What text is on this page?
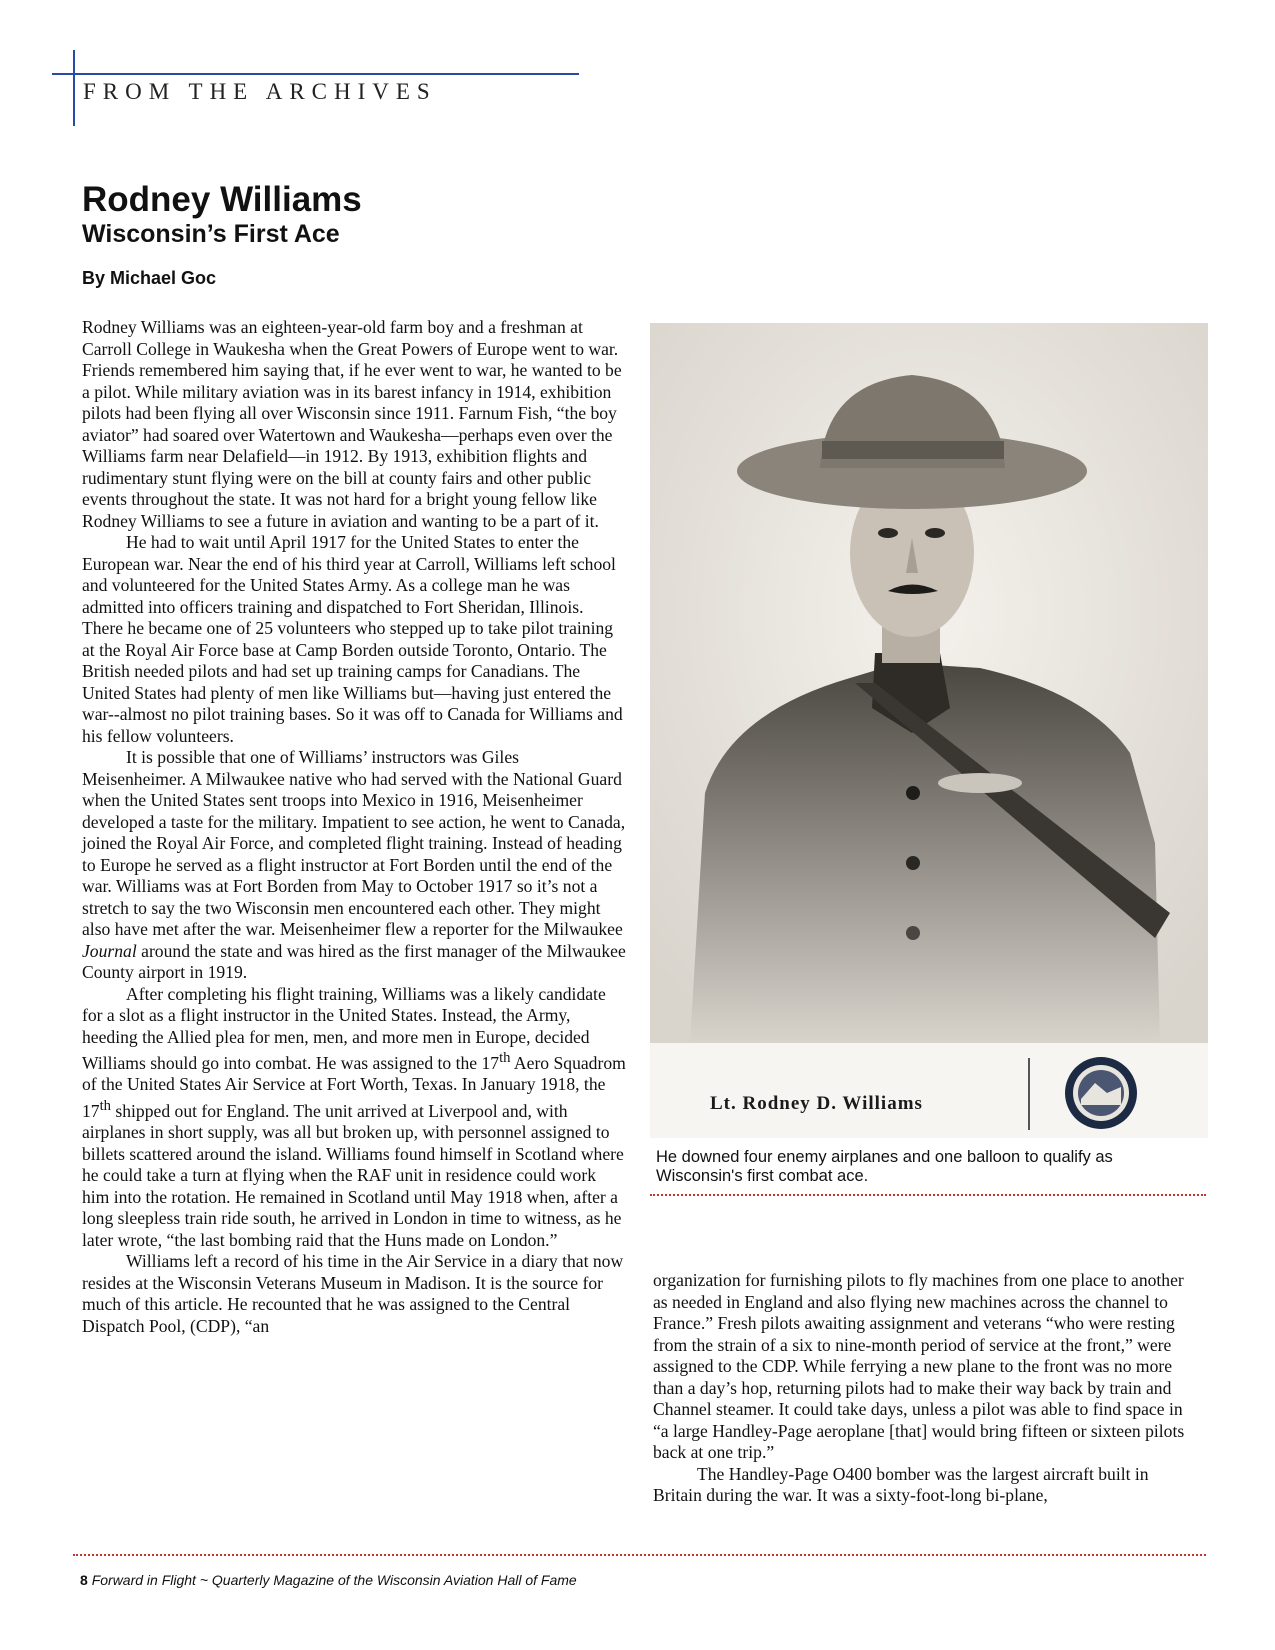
FROM THE ARCHIVES
Rodney Williams
Wisconsin’s First Ace
By Michael Goc

Rodney Williams was an eighteen-year-old farm boy and a freshman at Carroll College in Waukesha when the Great Powers of Europe went to war. Friends remembered him saying that, if he ever went to war, he wanted to be a pilot. While military aviation was in its barest infancy in 1914, exhibition pilots had been flying all over Wisconsin since 1911. Farnum Fish, “the boy aviator” had soared over Watertown and Waukesha—perhaps even over the Williams farm near Delafield—in 1912. By 1913, exhibition flights and rudimentary stunt flying were on the bill at county fairs and other public events throughout the state. It was not hard for a bright young fellow like Rodney Williams to see a future in aviation and wanting to be a part of it.

He had to wait until April 1917 for the United States to enter the European war. Near the end of his third year at Carroll, Williams left school and volunteered for the United States Army. As a college man he was admitted into officers training and dispatched to Fort Sheridan, Illinois. There he became one of 25 volunteers who stepped up to take pilot training at the Royal Air Force base at Camp Borden outside Toronto, Ontario. The British needed pilots and had set up training camps for Canadians. The United States had plenty of men like Williams but—having just entered the war--almost no pilot training bases. So it was off to Canada for Williams and his fellow volunteers.

It is possible that one of Williams’ instructors was Giles Meisenheimer. A Milwaukee native who had served with the National Guard when the United States sent troops into Mexico in 1916, Meisenheimer developed a taste for the military. Impatient to see action, he went to Canada, joined the Royal Air Force, and completed flight training. Instead of heading to Europe he served as a flight instructor at Fort Borden until the end of the war. Williams was at Fort Borden from May to October 1917 so it’s not a stretch to say the two Wisconsin men encountered each other. They might also have met after the war. Meisenheimer flew a reporter for the Milwaukee Journal around the state and was hired as the first manager of the Milwaukee County airport in 1919.

After completing his flight training, Williams was a likely candidate for a slot as a flight instructor in the United States. Instead, the Army, heeding the Allied plea for men, men, and more men in Europe, decided Williams should go into combat. He was assigned to the 17th Aero Squadrom of the United States Air Service at Fort Worth, Texas. In January 1918, the 17th shipped out for England. The unit arrived at Liverpool and, with airplanes in short supply, was all but broken up, with personnel assigned to billets scattered around the island. Williams found himself in Scotland where he could take a turn at flying when the RAF unit in residence could work him into the rotation. He remained in Scotland until May 1918 when, after a long sleepless train ride south, he arrived in London in time to witness, as he later wrote, “the last bombing raid that the Huns made on London.”

Williams left a record of his time in the Air Service in a diary that now resides at the Wisconsin Veterans Museum in Madison. It is the source for much of this article. He recounted that he was assigned to the Central Dispatch Pool, (CDP), “an

Lt. Rodney D. Williams
He downed four enemy airplanes and one balloon to qualify as Wisconsin's first combat ace.

organization for furnishing pilots to fly machines from one place to another as needed in England and also flying new machines across the channel to France.” Fresh pilots awaiting assignment and veterans “who were resting from the strain of a six to nine-month period of service at the front,” were assigned to the CDP. While ferrying a new plane to the front was no more than a day’s hop, returning pilots had to make their way back by train and Channel steamer. It could take days, unless a pilot was able to find space in “a large Handley-Page aeroplane [that] would bring fifteen or sixteen pilots back at one trip.”

The Handley-Page O400 bomber was the largest aircraft built in Britain during the war. It was a sixty-foot-long bi-plane,

8 Forward in Flight ~ Quarterly Magazine of the Wisconsin Aviation Hall of Fame
